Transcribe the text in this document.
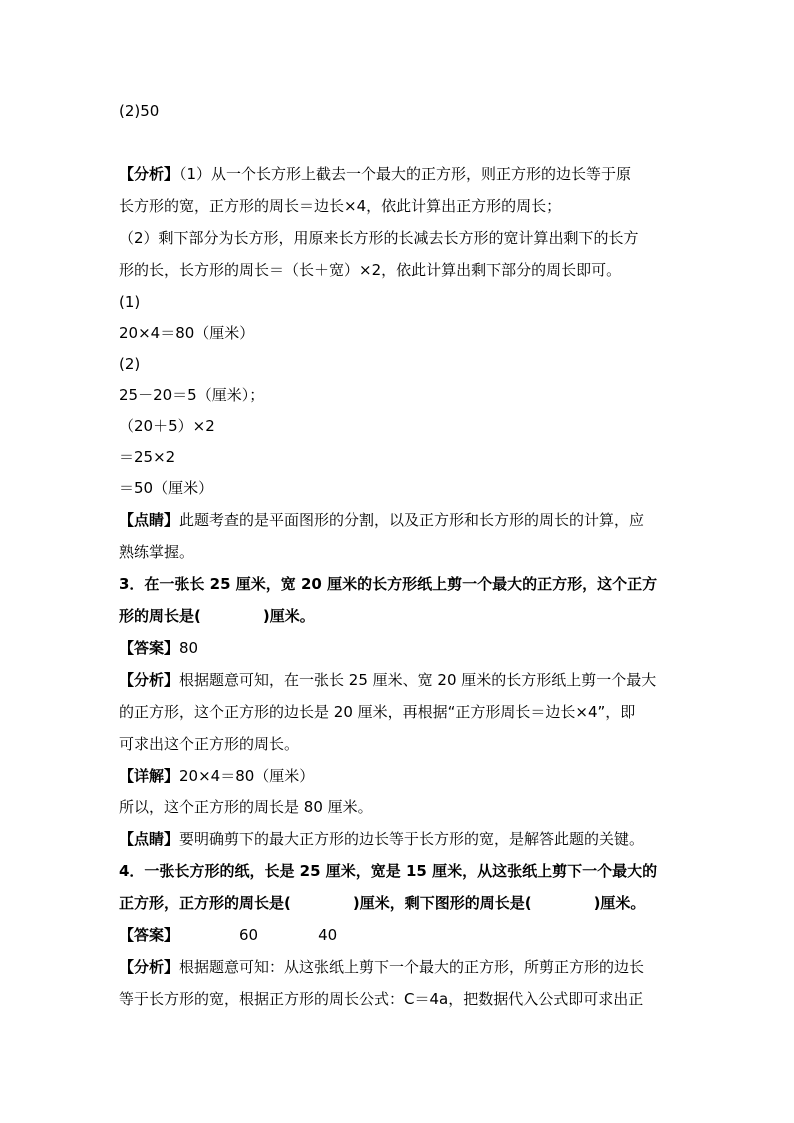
(2)50
【分析】（1）从一个长方形上截去一个最大的正方形，则正方形的边长等于原
长方形的宽，正方形的周长＝边长×4，依此计算出正方形的周长；
（2）剩下部分为长方形，用原来长方形的长减去长方形的宽计算出剩下的长方
形的长，长方形的周长＝（长＋宽）×2，依此计算出剩下部分的周长即可。
(1)
20×4＝80（厘米）
(2)
25－20＝5（厘米）；
（20＋5）×2
＝25×2
＝50（厘米）
【点睛】此题考查的是平面图形的分割，以及正方形和长方形的周长的计算，应
熟练掌握。
3．在一张长 25 厘米，宽 20 厘米的长方形纸上剪一个最大的正方形，这个正方
形的周长是(	)厘米。
【答案】80
【分析】根据题意可知，在一张长 25 厘米、宽 20 厘米的长方形纸上剪一个最大
的正方形，这个正方形的边长是 20 厘米，再根据“正方形周长＝边长×4”，即
可求出这个正方形的周长。
【详解】20×4＝80（厘米）
所以，这个正方形的周长是 80 厘米。
【点睛】要明确剪下的最大正方形的边长等于长方形的宽，是解答此题的关键。
4．一张长方形的纸，长是 25 厘米，宽是 15 厘米，从这张纸上剪下一个最大的
正方形，正方形的周长是(	)厘米，剩下图形的周长是(	)厘米。
【答案】	60	40
【分析】根据题意可知：从这张纸上剪下一个最大的正方形，所剪正方形的边长
等于长方形的宽，根据正方形的周长公式：C＝4a，把数据代入公式即可求出正
